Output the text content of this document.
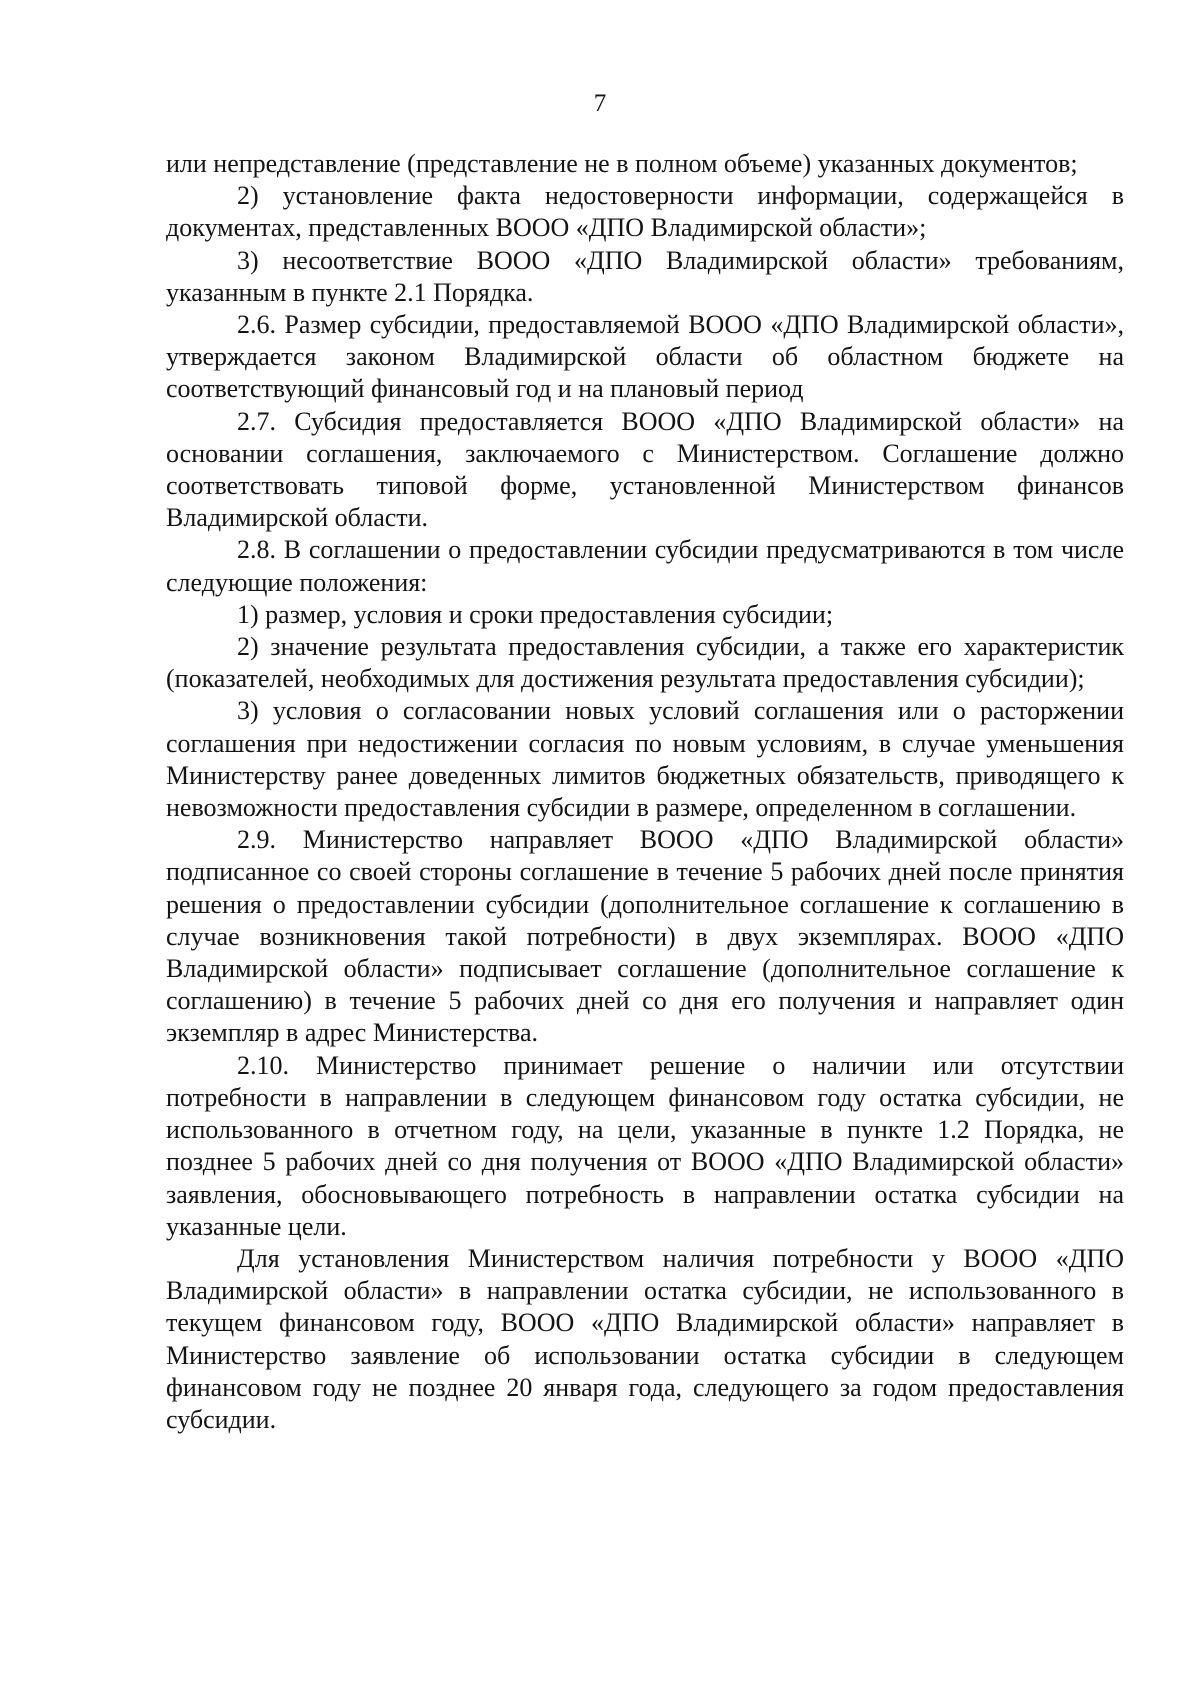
7

или непредставление (представление не в полном объеме) указанных документов;

2) установление факта недостоверности информации, содержащейся в документах, представленных ВООО «ДПО Владимирской области»;

3) несоответствие ВООО «ДПО Владимирской области» требованиям, указанным в пункте 2.1 Порядка.

2.6. Размер субсидии, предоставляемой ВООО «ДПО Владимирской области», утверждается законом Владимирской области об областном бюджете на соответствующий финансовый год и на плановый период

2.7. Субсидия предоставляется ВООО «ДПО Владимирской области» на основании соглашения, заключаемого с Министерством. Соглашение должно соответствовать типовой форме, установленной Министерством финансов Владимирской области.

2.8. В соглашении о предоставлении субсидии предусматриваются в том числе следующие положения:

1) размер, условия и сроки предоставления субсидии;

2) значение результата предоставления субсидии, а также его характеристик (показателей, необходимых для достижения результата предоставления субсидии);

3) условия о согласовании новых условий соглашения или о расторжении соглашения при недостижении согласия по новым условиям, в случае уменьшения Министерству ранее доведенных лимитов бюджетных обязательств, приводящего к невозможности предоставления субсидии в размере, определенном в соглашении.

2.9. Министерство направляет ВООО «ДПО Владимирской области» подписанное со своей стороны соглашение в течение 5 рабочих дней после принятия решения о предоставлении субсидии (дополнительное соглашение к соглашению в случае возникновения такой потребности) в двух экземплярах. ВООО «ДПО Владимирской области» подписывает соглашение (дополнительное соглашение к соглашению) в течение 5 рабочих дней со дня его получения и направляет один экземпляр в адрес Министерства.

2.10. Министерство принимает решение о наличии или отсутствии потребности в направлении в следующем финансовом году остатка субсидии, не использованного в отчетном году, на цели, указанные в пункте 1.2 Порядка, не позднее 5 рабочих дней со дня получения от ВООО «ДПО Владимирской области» заявления, обосновывающего потребность в направлении остатка субсидии на указанные цели.

Для установления Министерством наличия потребности у ВООО «ДПО Владимирской области» в направлении остатка субсидии, не использованного в текущем финансовом году, ВООО «ДПО Владимирской области» направляет в Министерство заявление об использовании остатка субсидии в следующем финансовом году не позднее 20 января года, следующего за годом предоставления субсидии.
